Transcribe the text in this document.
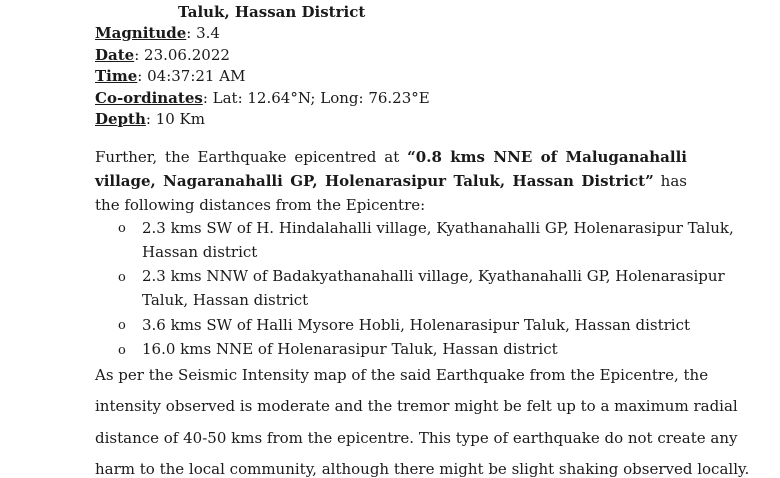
Taluk, Hassan District
Magnitude: 3.4
Date: 23.06.2022
Time: 04:37:21 AM
Co-ordinates: Lat: 12.64°N; Long: 76.23°E
Depth: 10 Km
Further, the Earthquake epicentred at “0.8 kms NNE of Maluganahalli village, Nagaranahalli GP, Holenarasipur Taluk, Hassan District” has the following distances from the Epicentre:
o 2.3 kms SW of H. Hindalahalli village, Kyathanahalli GP, Holenarasipur Taluk,
Hassan district
o 2.3 kms NNW of Badakyathanahalli village, Kyathanahalli GP, Holenarasipur
Taluk, Hassan district
o 3.6 kms SW of Halli Mysore Hobli, Holenarasipur Taluk, Hassan district
o 16.0 kms NNE of Holenarasipur Taluk, Hassan district
As per the Seismic Intensity map of the said Earthquake from the Epicentre, the
intensity observed is moderate and the tremor might be felt up to a maximum radial
distance of 40-50 kms from the epicentre. This type of earthquake do not create any
harm to the local community, although there might be slight shaking observed locally.
